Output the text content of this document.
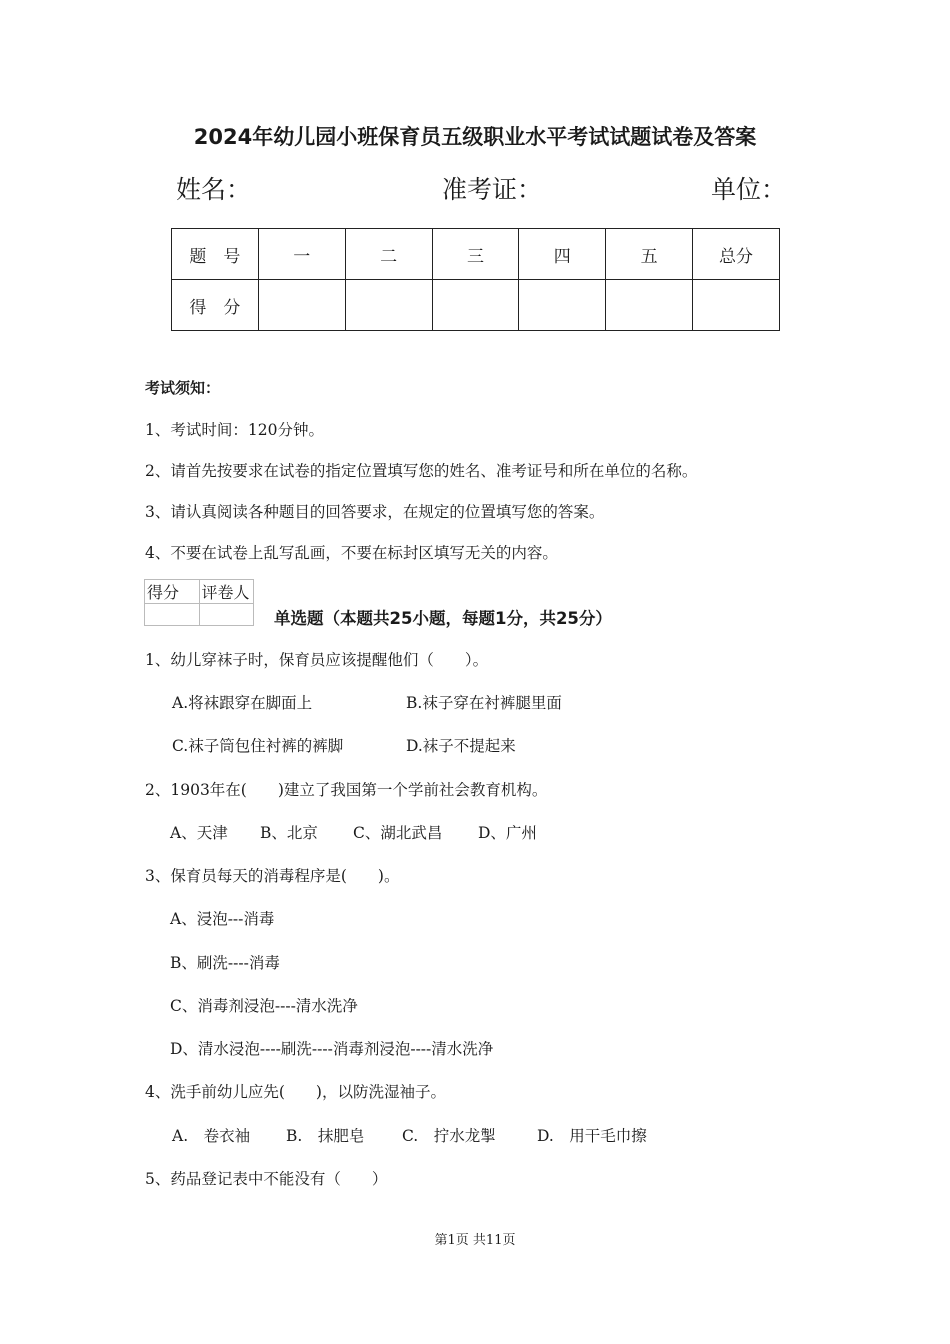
2024年幼儿园小班保育员五级职业水平考试试题试卷及答案
姓名：	准考证：	单位：
题　号	一	二	三	四	五	总分
得　分						
考试须知：
1、考试时间：120分钟。
2、请首先按要求在试卷的指定位置填写您的姓名、准考证号和所在单位的名称。
3、请认真阅读各种题目的回答要求，在规定的位置填写您的答案。
4、不要在试卷上乱写乱画，不要在标封区填写无关的内容。
得分	评卷人

单选题（本题共25小题，每题1分，共25分）
1、幼儿穿袜子时，保育员应该提醒他们（　　）。
A.将袜跟穿在脚面上	B.袜子穿在衬裤腿里面
C.袜子筒包住衬裤的裤脚	D.袜子不提起来
2、1903年在(　　)建立了我国第一个学前社会教育机构。
A、天津 B、北京 C、湖北武昌 D、广州
3、保育员每天的消毒程序是(　　)。
A、浸泡---消毒
B、刷洗----消毒
C、消毒剂浸泡----清水洗净
D、清水浸泡----刷洗----消毒剂浸泡----清水洗净
4、洗手前幼儿应先(　　)，以防洗湿袖子。
A.　卷衣袖 B.　抹肥皂 C.　拧水龙掣	D.　用干毛巾擦
5、药品登记表中不能没有（　　）
第1页 共11页
